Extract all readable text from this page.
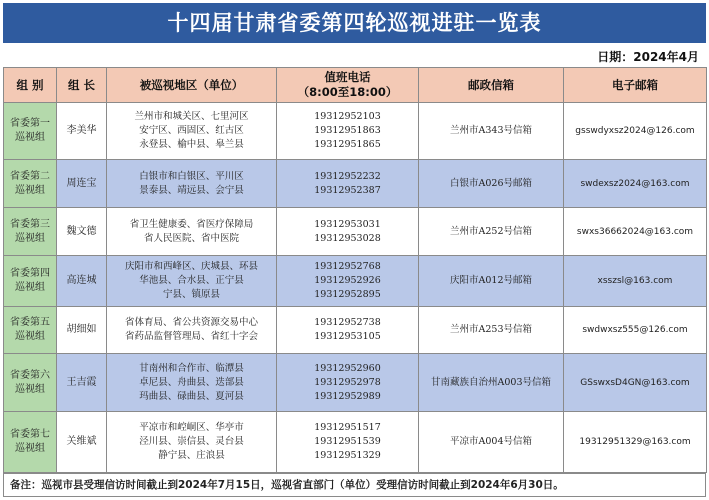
十四届甘肃省委第四轮巡视进驻一览表
日期：2024年4月
组 别	组 长	被巡视地区（单位）	值班电话
（8:00至18:00）	邮政信箱	电子邮箱

省委第一
巡视组	李美华	兰州市和城关区、七里河区
安宁区、西固区、红古区
永登县、榆中县、皋兰县	19312952103
19312951863
19312951865	兰州市A343号信箱	gsswdyxsz2024@126.com

省委第二
巡视组	周连宝	白银市和白银区、平川区
景泰县、靖远县、会宁县	19312952232
19312952387	白银市A026号邮箱	swdexsz2024@163.com

省委第三
巡视组	魏文德	省卫生健康委、省医疗保障局
省人民医院、省中医院	19312953031
19312953028	兰州市A252号信箱	swxs36662024@163.com

省委第四
巡视组	高连城	庆阳市和西峰区、庆城县、环县
华池县、合水县、正宁县
宁县、镇原县	19312952768
19312952926
19312952895	庆阳市A012号邮箱	xsszsl@163.com

省委第五
巡视组	胡细如	省体育局、省公共资源交易中心
省药品监督管理局、省红十字会	19312952738
19312953105	兰州市A253号信箱	swdwxsz555@126.com

省委第六
巡视组	王吉霞	甘南州和合作市、临潭县
卓尼县、舟曲县、迭部县
玛曲县、碌曲县、夏河县	19312952960
19312952978
19312952989	甘南藏族自治州A003号信箱	GSswxsD4GN@163.com

省委第七
巡视组	关维斌	平凉市和崆峒区、华亭市
泾川县、崇信县、灵台县
静宁县、庄浪县	19312951517
19312951539
19312951329	平凉市A004号信箱	19312951329@163.com
备注：巡视市县受理信访时间截止到2024年7月15日，巡视省直部门（单位）受理信访时间截止到2024年6月30日。
